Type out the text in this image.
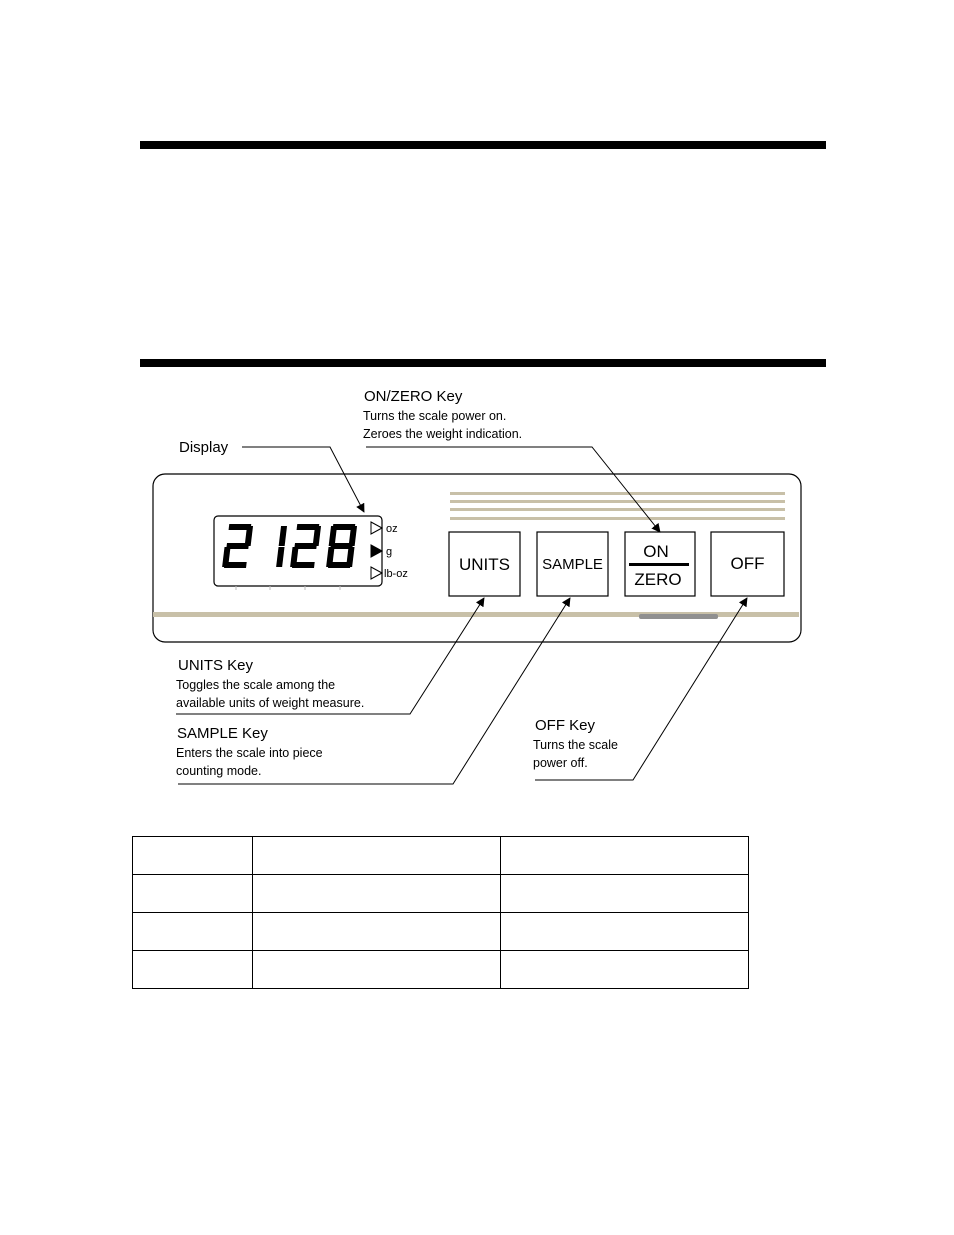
oz
g
lb-oz	UNITS SAMPLE
ON
ZERO
OFF
Display
ON/ZERO Key
Turns the scale power on.
Zeroes the weight indication.
UNITS Key
Toggles the scale among the
available units of weight measure.
SAMPLE Key
Enters the scale into piece
counting mode.
OFF Key
Turns the scale
power off.
